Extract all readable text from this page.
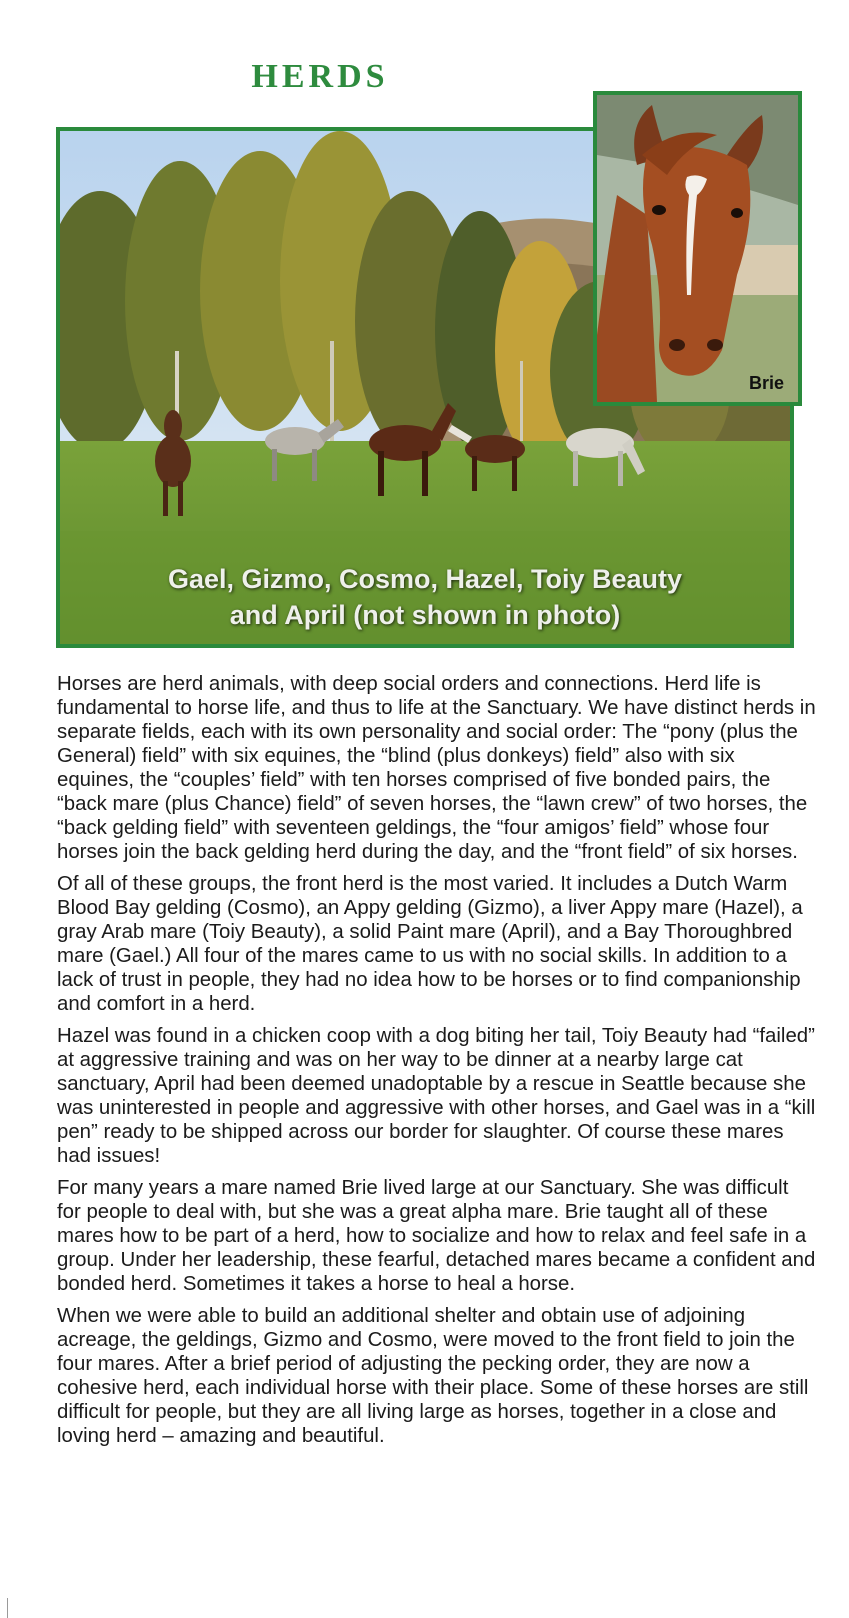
HERDS
Gael, Gizmo, Cosmo, Hazel, Toiy Beauty
and April (not shown in photo)
Brie

Horses are herd animals, with deep social orders and connections. Herd life is fundamental to horse life, and thus to life at the Sanctuary. We have distinct herds in separate fields, each with its own personality and social order: The “pony (plus the General) field” with six equines, the “blind (plus donkeys) field” also with six equines, the “couples’ field” with ten horses comprised of five bonded pairs, the “back mare (plus Chance) field” of seven horses, the “lawn crew” of two horses, the “back gelding field” with seventeen geldings, the “four amigos’ field” whose four horses join the back gelding herd during the day, and the “front field” of six horses.

Of all of these groups, the front herd is the most varied. It includes a Dutch Warm Blood Bay gelding (Cosmo), an Appy gelding (Gizmo), a liver Appy mare (Hazel), a gray Arab mare (Toiy Beauty), a solid Paint mare (April), and a Bay Thoroughbred mare (Gael.) All four of the mares came to us with no social skills. In addition to a lack of trust in people, they had no idea how to be horses or to find companionship and comfort in a herd.

Hazel was found in a chicken coop with a dog biting her tail, Toiy Beauty had “failed” at aggressive training and was on her way to be dinner at a nearby large cat sanctuary, April had been deemed unadoptable by a rescue in Seattle because she was uninterested in people and aggressive with other horses, and Gael was in a “kill pen” ready to be shipped across our border for slaughter. Of course these mares had issues!

For many years a mare named Brie lived large at our Sanctuary. She was difficult for people to deal with, but she was a great alpha mare. Brie taught all of these mares how to be part of a herd, how to socialize and how to relax and feel safe in a group. Under her leadership, these fearful, detached mares became a confident and bonded herd. Sometimes it takes a horse to heal a horse.

When we were able to build an additional shelter and obtain use of adjoining acreage, the geldings, Gizmo and Cosmo, were moved to the front field to join the four mares. After a brief period of adjusting the pecking order, they are now a cohesive herd, each individual horse with their place. Some of these horses are still difficult for people, but they are all living large as horses, together in a close and loving herd – amazing and beautiful.
